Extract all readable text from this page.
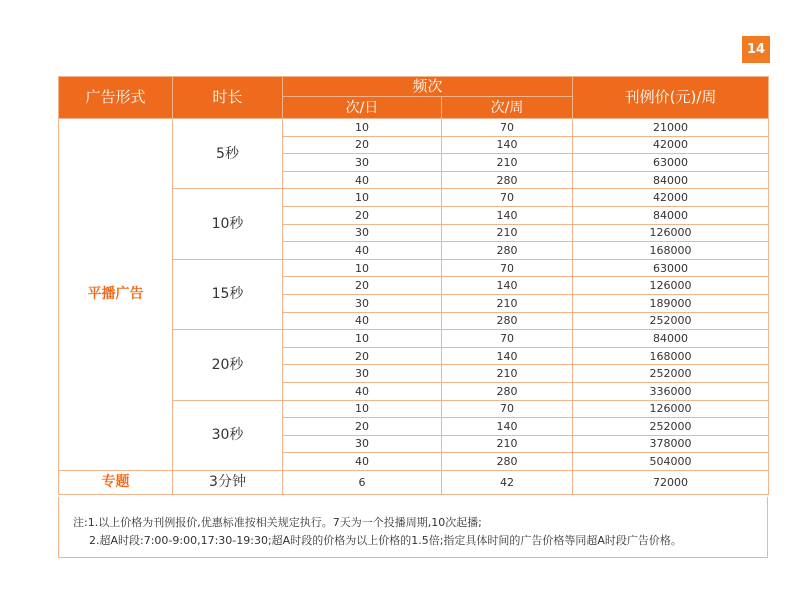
14
广告形式	时长	频次		刊例价(元)/周
		次/日	次/周	
平播广告	5秒	10	70	21000
		20	140	42000
		30	210	63000
		40	280	84000
	10秒	10	70	42000
		20	140	84000
		30	210	126000
		40	280	168000
	15秒	10	70	63000
		20	140	126000
		30	210	189000
		40	280	252000
	20秒	10	70	84000
		20	140	168000
		30	210	252000
		40	280	336000
	30秒	10	70	126000
		20	140	252000
		30	210	378000
		40	280	504000
专题	3分钟	6	42	72000
注:1.以上价格为刊例报价,优惠标准按相关规定执行。7天为一个投播周期,10次起播;
2.超A时段:7:00-9:00,17:30-19:30;超A时段的价格为以上价格的1.5倍;指定具体时间的广告价格等同超A时段广告价格。
